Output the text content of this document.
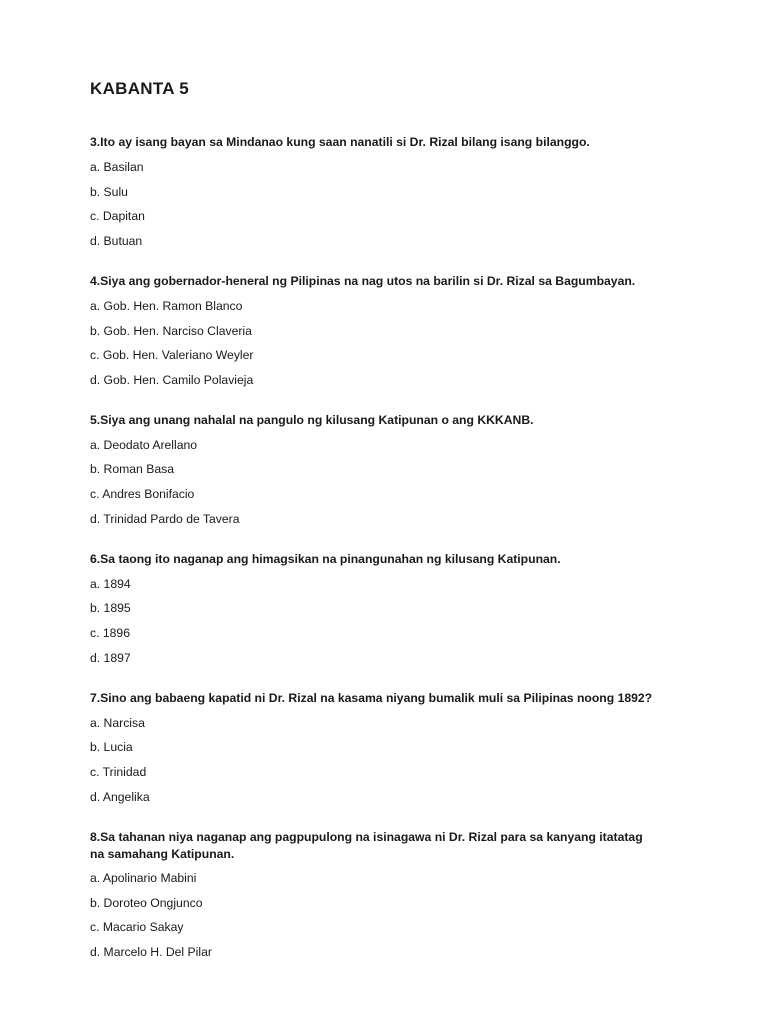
KABANTA 5

3.Ito ay isang bayan sa Mindanao kung saan nanatili si Dr. Rizal bilang isang bilanggo.

a. Basilan

b. Sulu

c. Dapitan

d. Butuan

4.Siya ang gobernador-heneral ng Pilipinas na nag utos na barilin si Dr. Rizal sa Bagumbayan.

a. Gob. Hen. Ramon Blanco

b. Gob. Hen. Narciso Claveria

c. Gob. Hen. Valeriano Weyler

d. Gob. Hen. Camilo Polavieja

5.Siya ang unang nahalal na pangulo ng kilusang Katipunan o ang KKKANB.

a. Deodato Arellano

b. Roman Basa

c. Andres Bonifacio

d. Trinidad Pardo de Tavera

6.Sa taong ito naganap ang himagsikan na pinangunahan ng kilusang Katipunan.

a. 1894

b. 1895

c. 1896

d. 1897

7.Sino ang babaeng kapatid ni Dr. Rizal na kasama niyang bumalik muli sa Pilipinas noong 1892?

a. Narcisa

b. Lucia

c. Trinidad

d. Angelika

8.Sa tahanan niya naganap ang pagpupulong na isinagawa ni Dr. Rizal para sa kanyang itatatag na samahang Katipunan.

a. Apolinario Mabini

b. Doroteo Ongjunco

c. Macario Sakay

d. Marcelo H. Del Pilar
